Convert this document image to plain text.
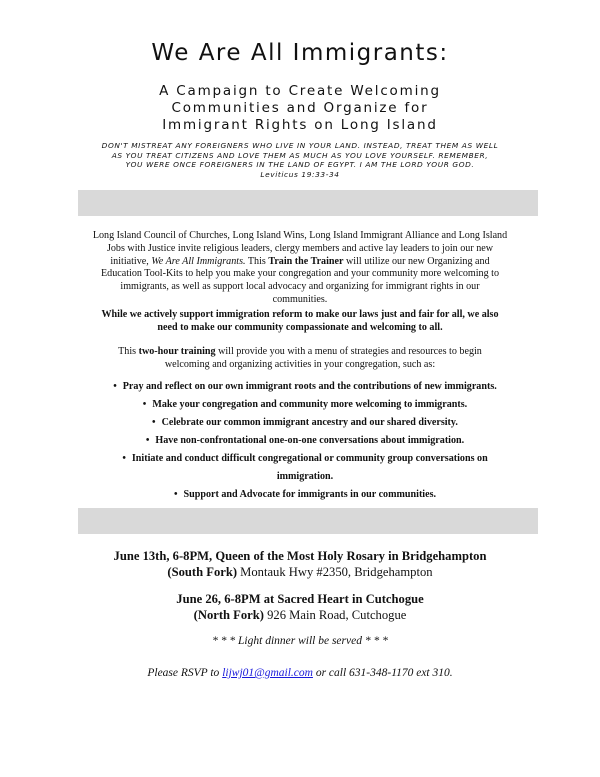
We Are All Immigrants:
A Campaign to Create Welcoming
Communities and Organize for
Immigrant Rights on Long Island
DON'T MISTREAT ANY FOREIGNERS WHO LIVE IN YOUR LAND. INSTEAD, TREAT THEM AS WELL
AS YOU TREAT CITIZENS AND LOVE THEM AS MUCH AS YOU LOVE YOURSELF. REMEMBER,
YOU WERE ONCE FOREIGNERS IN THE LAND OF EGYPT. I AM THE LORD YOUR GOD.
Leviticus 19:33-34
Long Island Council of Churches, Long Island Wins, Long Island Immigrant Alliance and Long Island
Jobs with Justice invite religious leaders, clergy members and active lay leaders to join our new
initiative, We Are All Immigrants. This Train the Trainer will utilize our new Organizing and
Education Tool-Kits to help you make your congregation and your community more welcoming to
immigrants, as well as support local advocacy and organizing for immigrant rights in our
communities.
While we actively support immigration reform to make our laws just and fair for all, we also
need to make our community compassionate and welcoming to all.
This two-hour training will provide you with a menu of strategies and resources to begin
welcoming and organizing activities in your congregation, such as:
• Pray and reflect on our own immigrant roots and the contributions of new immigrants.
• Make your congregation and community more welcoming to immigrants.
• Celebrate our common immigrant ancestry and our shared diversity.
• Have non-confrontational one-on-one conversations about immigration.
• Initiate and conduct difficult congregational or community group conversations on
immigration.
• Support and Advocate for immigrants in our communities.
June 13th, 6-8PM, Queen of the Most Holy Rosary in Bridgehampton
(South Fork) Montauk Hwy #2350, Bridgehampton
June 26, 6-8PM at Sacred Heart in Cutchogue
(North Fork) 926 Main Road, Cutchogue
* * * Light dinner will be served * * *
Please RSVP to lijwj01@gmail.com or call 631-348-1170 ext 310.
